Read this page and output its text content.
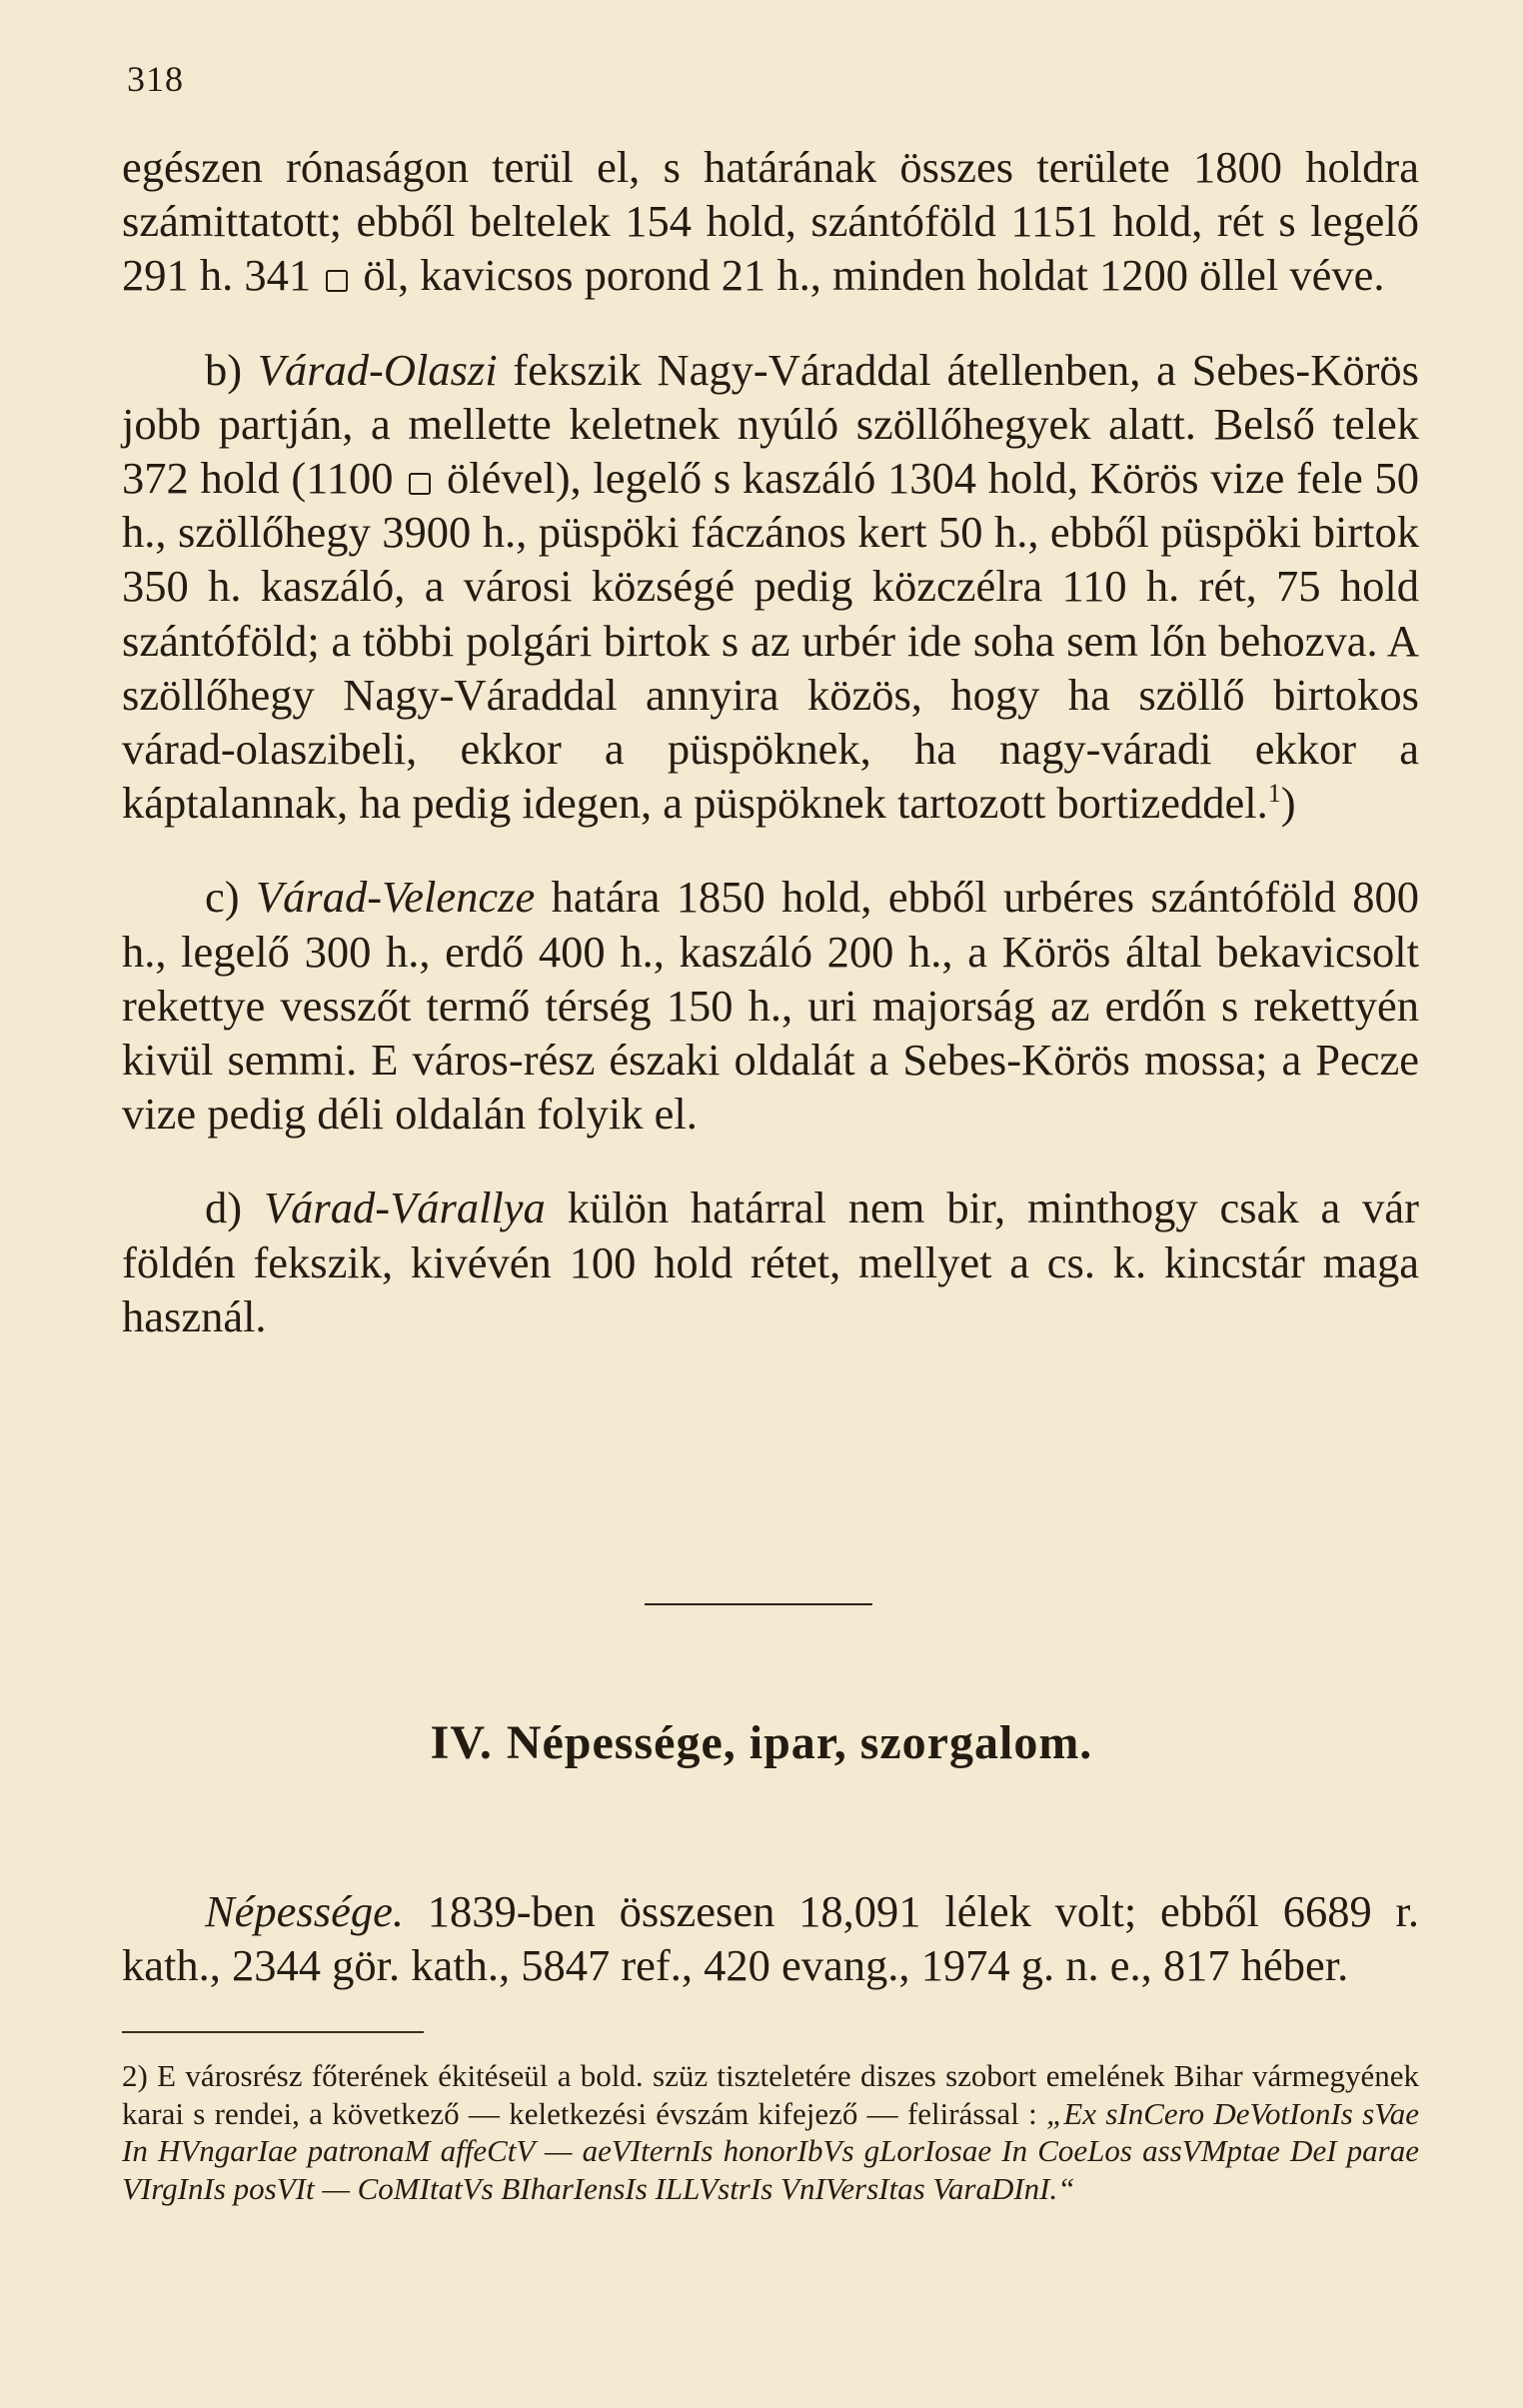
318

egészen rónaságon terül el, s határának összes területe 1800 holdra számittatott; ebből beltelek 154 hold, szántóföld 1151 hold, rét s legelő 291 h. 341  öl, kavicsos porond 21 h., minden holdat 1200 öllel véve.

b) Várad-Olaszi fekszik Nagy-Váraddal átellenben, a Sebes-Körös jobb partján, a mellette keletnek nyúló szöllőhegyek alatt. Belső telek 372 hold (1100  ölével), legelő s kaszáló 1304 hold, Körös vize fele 50 h., szöllőhegy 3900 h., püspöki fáczános kert 50 h., ebből püspöki birtok 350 h. kaszáló, a városi községé pedig közczélra 110 h. rét, 75 hold szántóföld; a többi polgári birtok s az urbér ide soha sem lőn behozva. A szöllőhegy Nagy-Váraddal annyira közös, hogy ha szöllő birtokos várad-olaszibeli, ekkor a püspöknek, ha nagy-váradi ekkor a káptalannak, ha pedig idegen, a püspöknek tartozott bortizeddel.$^1$)

c) Várad-Velencze határa 1850 hold, ebből urbéres szántóföld 800 h., legelő 300 h., erdő 400 h., kaszáló 200 h., a Körös által bekavicsolt rekettye vesszőt termő térség 150 h., uri majorság az erdőn s rekettyén kivül semmi. E város-rész északi oldalát a Sebes-Körös mossa; a Pecze vize pedig déli oldalán folyik el.

d) Várad-Várallya külön határral nem bir, minthogy csak a vár földén fekszik, kivévén 100 hold rétet, mellyet a cs. k. kincstár maga használ.

IV. Népessége, ipar, szorgalom.

Népessége. 1839-ben összesen 18,091 lélek volt; ebből 6689 r. kath., 2344 gör. kath., 5847 ref., 420 evang., 1974 g. n. e., 817 héber.

2) E városrész főterének ékitéseül a bold. szüz tiszteletére diszes szobort emelének Bihar vármegyének karai s rendei, a következő — keletkezési évszám kifejező — felirással : „Ex sInCero DeVotIonIs sVae In HVngarIae patronaM affeCtV — aeVIternIs honorIbVs gLorIosae In CoeLos assVMptae DeI parae VIrgInIs posVIt — CoMItatVs BIharIensIs ILLVstrIs VnIVersItas VaraDInI.“
